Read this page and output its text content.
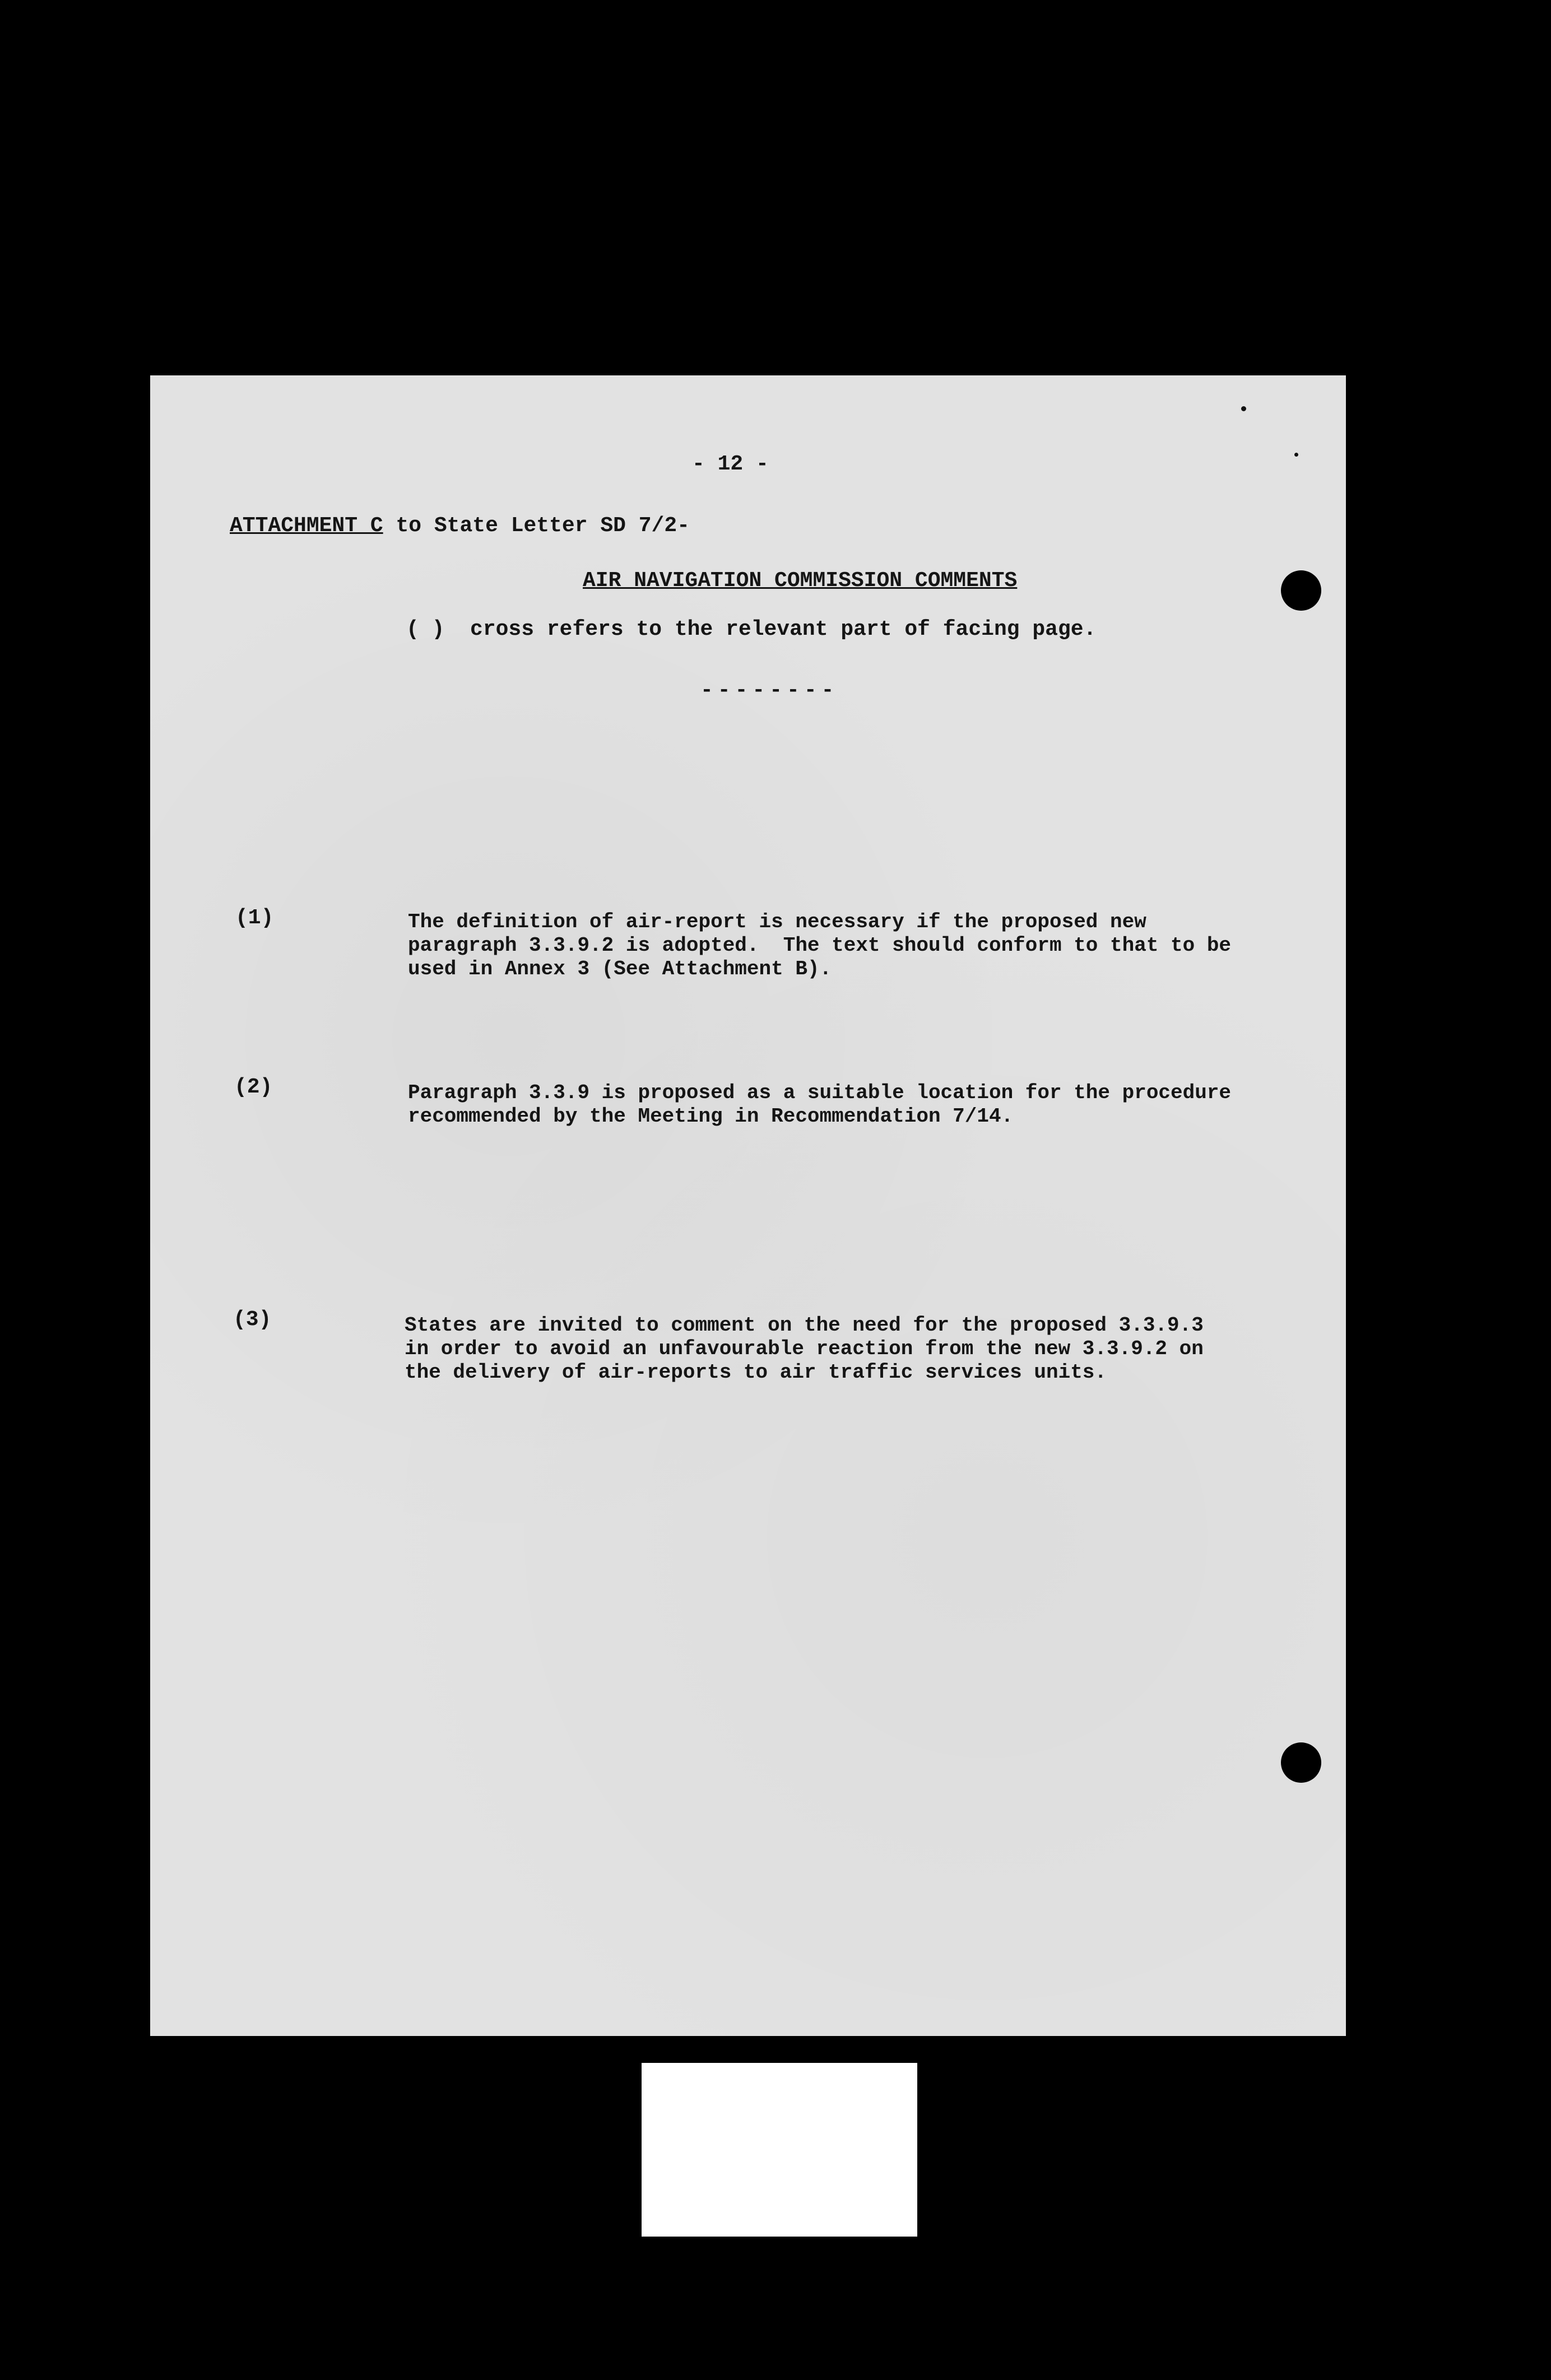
- 12 -
ATTACHMENT C to State Letter SD 7/2-
AIR NAVIGATION COMMISSION COMMENTS
( )  cross refers to the relevant part of facing page.
--------
(1)	The definition of air-report is necessary if the proposed new
paragraph 3.3.9.2 is adopted.  The text should conform to that to be
used in Annex 3 (See Attachment B).
(2)	Paragraph 3.3.9 is proposed as a suitable location for the procedure
recommended by the Meeting in Recommendation 7/14.
(3)	States are invited to comment on the need for the proposed 3.3.9.3
in order to avoid an unfavourable reaction from the new 3.3.9.2 on
the delivery of air-reports to air traffic services units.
